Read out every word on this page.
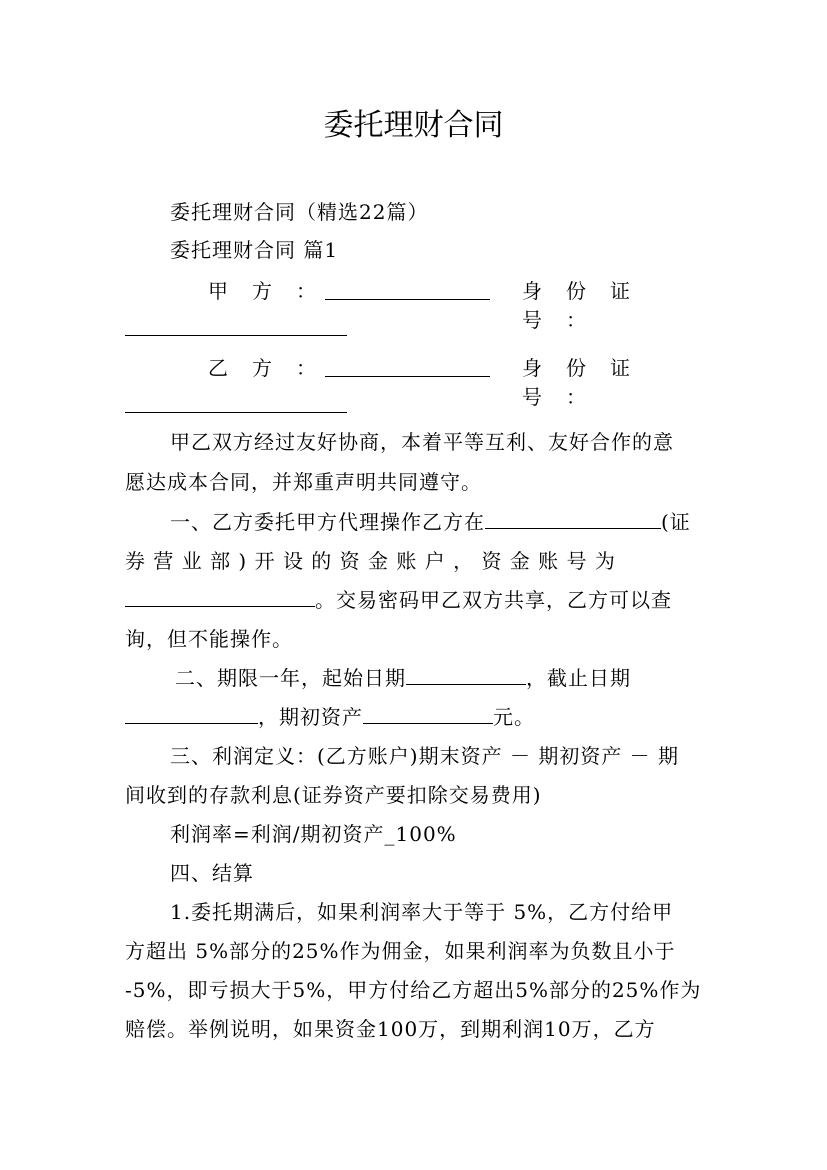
委托理财合同
委托理财合同（精选22篇）
委托理财合同 篇1
甲　方　：	身　份　证　号　：
乙　方　：	身　份　证　号　：
甲乙双方经过友好协商，本着平等互利、友好合作的意
愿达成本合同，并郑重声明共同遵守。
一、乙方委托甲方代理操作乙方在	(证
券 营 业 部 ) 开 设 的 资 金 账 户 ， 资 金 账 号 为
。交易密码甲乙双方共享，乙方可以查
询，但不能操作。
二、期限一年，起始日期	，截止日期
，期初资产	元。
三、利润定义：(乙方账户)期末资产 － 期初资产 － 期
间收到的存款利息(证券资产要扣除交易费用)
利润率=利润/期初资产_100%
四、结算
1.委托期满后，如果利润率大于等于 5%，乙方付给甲
方超出 5%部分的25%作为佣金，如果利润率为负数且小于
-5%，即亏损大于5%，甲方付给乙方超出5%部分的25%作为
赔偿。举例说明，如果资金100万，到期利润10万，乙方
